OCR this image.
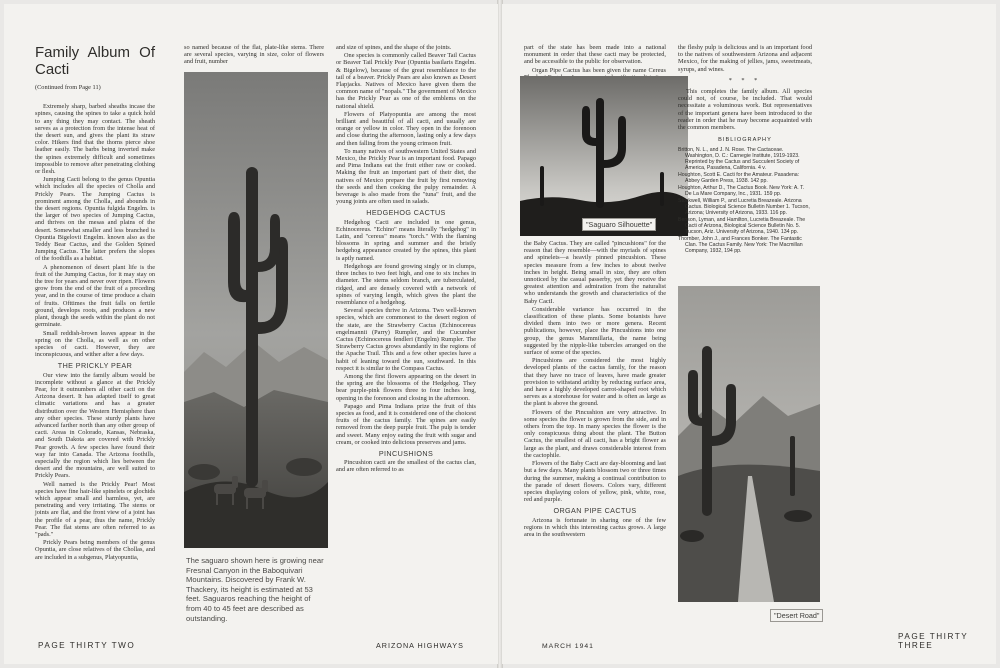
Family Album Of Cacti
(Continued from Page 11)

Extremely sharp, barbed sheaths incase the spines, causing the spines to take a quick hold to any thing they may contact. The sheath serves as a protection from the intense heat of the desert sun, and gives the plant its straw color. Hikers find that the thorns pierce shoe leather easily. The barbs being inverted make the spines extremely difficult and sometimes impossible to remove after penetrating clothing or flesh.

Jumping Cacti belong to the genus Opuntia which includes all the species of Cholla and Prickly Pears. The Jumping Cactus is prominent among the Cholla, and abounds in the desert regions. Opuntia fulgida Engelm. is the larger of two species of Jumping Cactus, and thrives on the mesas and plains of the desert. Somewhat smaller and less branched is Opuntia Bigelovii Engelm. known also as the Teddy Bear Cactus, and the Golden Spined Jumping Cactus. The latter prefers the slopes of the foothills as a habitat.

A phenomenon of desert plant life is the fruit of the Jumping Cactus, for it may stay on the tree for years and never over ripen. Flowers grow from the end of the fruit of a preceding year, and in the course of time produce a chain of fruits. Ofttimes the fruit falls on fertile ground, develops roots, and produces a new plant, though the seeds within the plant do not germinate.

Small reddish-brown leaves appear in the spring on the Cholla, as well as on other species of cacti. However, they are inconspicuous, and wither after a few days.

THE PRICKLY PEAR

Our view into the family album would be incomplete without a glance at the Prickly Pear, for it outnumbers all other cacti on the Arizona desert. It has adapted itself to great climatic variations and has a greater distribution over the Western Hemisphere than any other species. These sturdy plants have advanced farther north than any other group of cacti. Areas in Colorado, Kansas, Nebraska, and South Dakota are covered with Prickly Pear growth. A few species have found their way far into Canada. The Arizona foothills, especially the region which lies between the desert and the mountains, are well suited to Prickly Pears.

Well named is the Prickly Pear! Most species have fine hair-like spinelets or glochids which appear small and harmless, yet, are penetrating and very irritating. The stems or joints are flat, and the front view of a joint has the profile of a pear, thus the name, Prickly Pear. The flat stems are often referred to as "pads."

Prickly Pears being members of the genus Opuntia, are close relatives of the Chollas, and are included in a subgenus, Platyopuntia,

so named because of the flat, plate-like stems. There are several species, varying in size, color of flowers and fruit, number

The saguaro shown here is growing near Fresnal Canyon in the Baboquivari Mountains. Discovered by Frank W. Thackery, its height is estimated at 53 feet. Saguaros reaching the height of from 40 to 45 feet are described as outstanding.

and size of spines, and the shape of the joints.

One species is commonly called Beaver Tail Cactus or Beaver Tail Prickly Pear (Opuntia basilaris Engelm. & Bigelow), because of the great resemblance to the tail of a beaver. Prickly Pears are also known as Desert Flapjacks. Natives of Mexico have given them the common name of "nopals." The government of Mexico has the Prickly Pear as one of the emblems on the national shield.

Flowers of Platyopuntia are among the most brilliant and beautiful of all cacti, and usually are orange or yellow in color. They open in the forenoon and close during the afternoon, lasting only a few days and then falling from the young crimson fruit.

To many natives of southwestern United States and Mexico, the Prickly Pear is an important food. Papago and Pima Indians eat the fruit either raw or cooked. Making the fruit an important part of their diet, the natives of Mexico prepare the fruit by first removing the seeds and then cooking the pulpy remainder. A beverage is also made from the "tuna" fruit, and the young joints are often used in salads.

HEDGEHOG CACTUS

Hedgehog Cacti are included in one genus, Echinocereus. "Echino" means literally "hedgehog" in Latin, and "cereus" means "torch." With the flaming blossoms in spring and summer and the bristly hedgehog appearance created by the spines, this plant is aptly named.

Hedgehogs are found growing singly or in clumps, three inches to two feet high, and one to six inches in diameter. The stems seldom branch, are tuberculated, ridged, and are densely covered with a network of spines of varying length, which gives the plant the resemblance of a hedgehog.

Several species thrive in Arizona. Two well-known species, which are commonest to the desert region of the state, are the Strawberry Cactus (Echinocereus engelmannii (Parry) Rumpler, and the Cucumber Cactus (Echinocereus fendleri (Engelm) Rumpler. The Strawberry Cactus grows abundantly in the regions of the Apache Trail. This and a few other species have a habit of leaning toward the sun, southward. In this respect it is similar to the Compass Cactus.

Among the first flowers appearing on the desert in the spring are the blossoms of the Hedgehog. They bear purple-pink flowers three to four inches long, opening in the forenoon and closing in the afternoon.

Papago and Pima Indians prize the fruit of this species as food, and it is considered one of the choicest fruits of the cactus family. The spines are easily removed from the deep purple fruit. The pulp is tender and sweet. Many enjoy eating the fruit with sugar and cream, or cooked into delicious preserves and jams.

PINCUSHIONS

Pincushion cacti are the smallest of the cactus clan, and are often referred to as

PAGE THIRTY TWO	ARIZONA HIGHWAYS

part of the state has been made into a national monument in order that these cacti may be protected, and be accessible to the public for observation.

Organ Pipe Cactus has been given the name Cereus

the Baby Cactus. They are called "pincushions" for the reason that they resemble—with the myriads of spines and spinelets—a heavily pinned pincushion. These species measure from a few inches to about twelve inches in height. Being small in size, they are often unnoticed by the casual passerby, yet they receive the greatest attention and admiration from the naturalist who understands the growth and characteristics of the Baby CactI.

Considerable variance has occurred in the classification of these plants. Some botanists have divided them into two or more genera. Recent publications, however, place the Pincushions into one group, the genus Mammillaria, the name being suggested by the nipple-like tubercles arranged on the surface of some of the species.

Pincushions are considered the most highly developed plants of the cactus family, for the reason that they have no trace of leaves, have made greater provision to withstand aridity by reducing surface area, and have a highly developed carrot-shaped root which serves as a storehouse for water and is often as large as the plant is above the ground.

Flowers of the Pincushion are very attractive. In some species the flower is grown from the side, and in others from the top. In many species the flower is the only conspicuous thing about the plant. The Button Cactus, the smallest of all cacti, has a bright flower as large as the plant, and draws considerable interest from the cactophile.

Flowers of the Baby Cacti are day-blooming and last but a few days. Many plants blossom two or three times during the summer, making a continual contribution to the parade of desert flowers. Colors vary, different species displaying colors of yellow, pink, white, rose, red and purple.

ORGAN PIPE CACTUS

Arizona is fortunate in sharing one of the few regions in which this interesting cactus grows. A large area in the southwestern

"Saguaro Silhouette"

the fleshy pulp is delicious and is an important food to the natives of southwestern Arizona and adjacent Mexico, for the making of jellies, jams, sweetmeats, syrups, and wines.

* * *

This completes the family album. All species could not, of course, be included. That would necessitate a voluminous work. But representatives of the important genera have been introduced to the reader in order that he may become acquainted with the common members.

BIBLIOGRAPHY
Britton, N. L., and J. N. Rose. The Cactaceae. Washington, D. C.: Carnegie Institute, 1919-1923. Reprinted by the Cactus and Succulent Society of America, Pasadena, California. 4 v.
Houghton, Scott E. Cacti for the Amateur. Pasadena: Abbey Garden Press, 1938. 142 pp.
Houghton, Arthur D., The Cactus Book. New York: A. T. De La Mare Company, Inc., 1931. 159 pp.
Stockwell, William P., and Lucretia Breazeale. Arizona Cactus. Biological Science Bulletin Number 1. Tucson, Arizona; University of Arizona, 1933. 116 pp.
Benson, Lyman, and Hamilton, Lucretia Breazeale. The Cacti of Arizona, Biological Science Bulletin No. 5. Tucson, Ariz. University of Arizona, 1940. 134 pp.
Thornber, John J., and Frances Bonker. The Fantastic Clan. The Cactus Family. New York: The Macmillan Company, 1932, 194 pp.
"Desert Road"
MARCH 1941
PAGE THIRTY THREE
